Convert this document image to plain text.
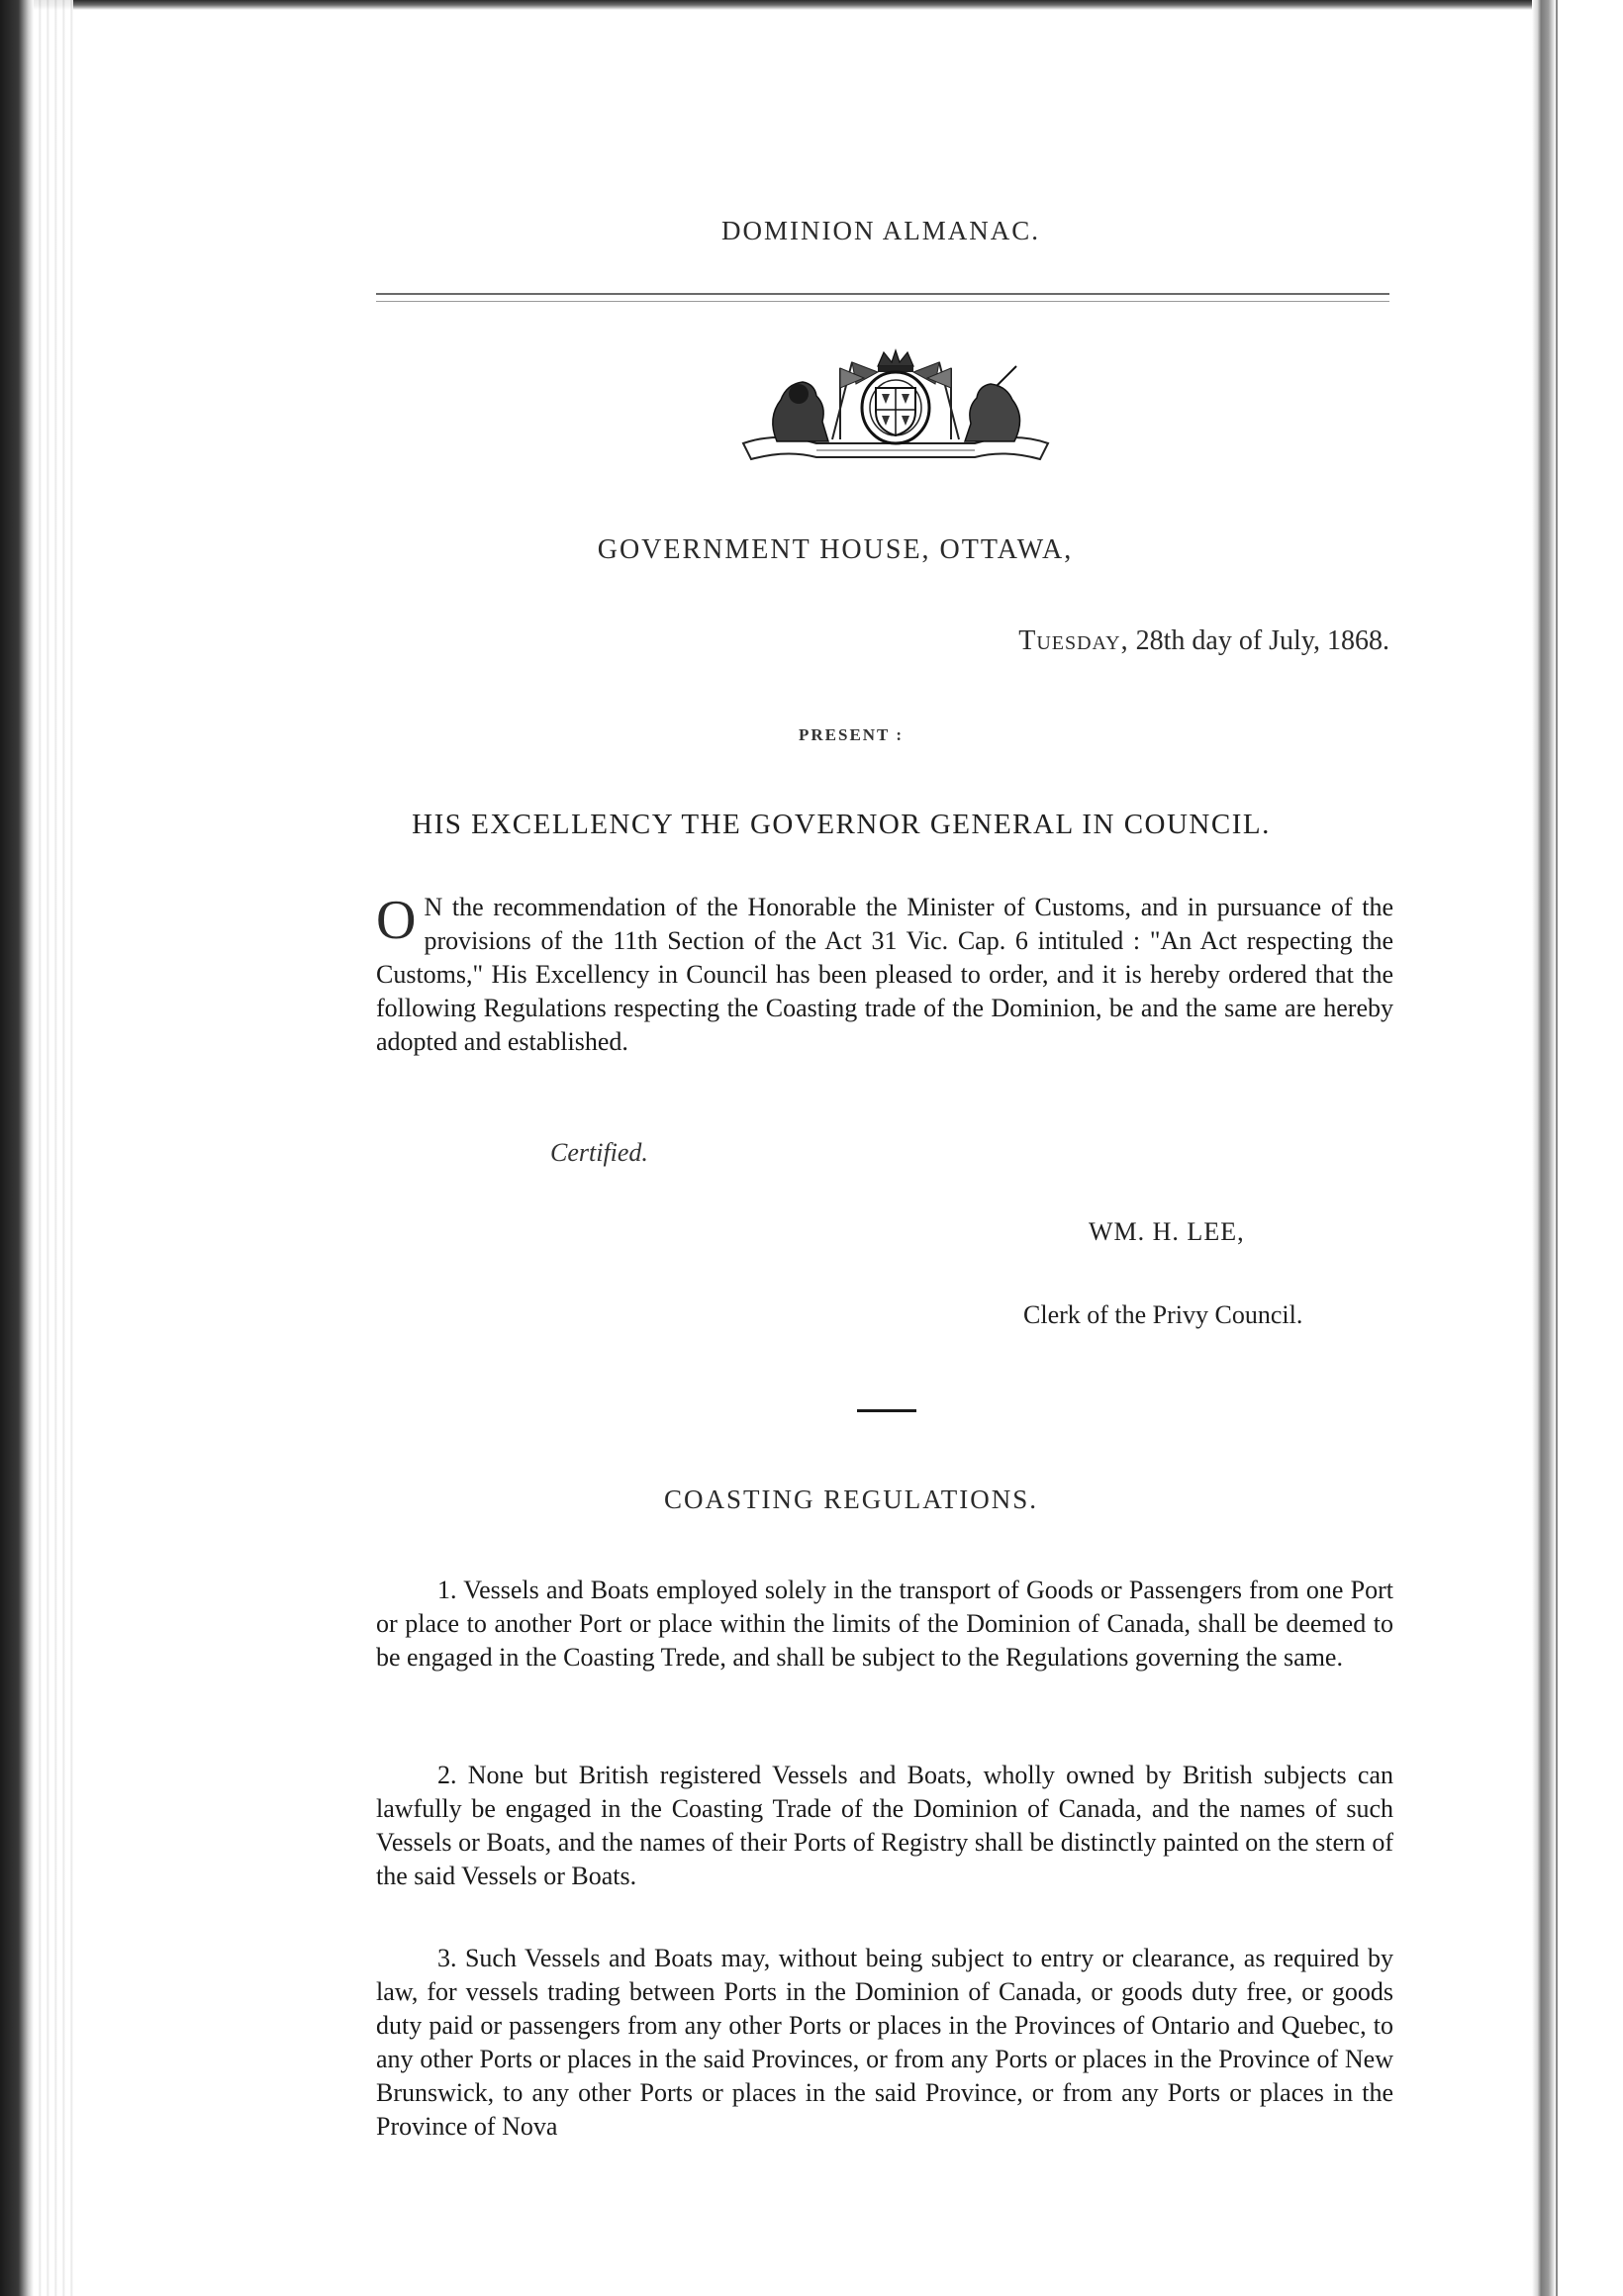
DOMINION ALMANAC.
GOVERNMENT HOUSE, OTTAWA,
Tuesday, 28th day of July, 1868.
PRESENT :
HIS EXCELLENCY THE GOVERNOR GENERAL IN COUNCIL.
O N the recommendation of the Honorable the Minister of Customs, and in pursuance of the provisions of the 11th Section of the Act 31 Vic. Cap. 6 intituled : "An Act respecting the Customs," His Excellency in Council has been pleased to order, and it is hereby ordered that the following Regulations respecting the Coasting trade of the Dominion, be and the same are hereby adopted and established.
Certified.
WM. H. LEE,
Clerk of the Privy Council.
COASTING REGULATIONS.

1. Vessels and Boats employed solely in the transport of Goods or Passengers from one Port or place to another Port or place within the limits of the Dominion of Canada, shall be deemed to be engaged in the Coasting Trede, and shall be subject to the Regulations governing the same.

2. None but British registered Vessels and Boats, wholly owned by British subjects can lawfully be engaged in the Coasting Trade of the Dominion of Canada, and the names of such Vessels or Boats, and the names of their Ports of Registry shall be distinctly painted on the stern of the said Vessels or Boats.

3. Such Vessels and Boats may, without being subject to entry or clearance, as required by law, for vessels trading between Ports in the Dominion of Canada, or goods duty free, or goods duty paid or passengers from any other Ports or places in the Provinces of Ontario and Quebec, to any other Ports or places in the said Provinces, or from any Ports or places in the Province of New Brunswick, to any other Ports or places in the said Province, or from any Ports or places in the Province of Nova
